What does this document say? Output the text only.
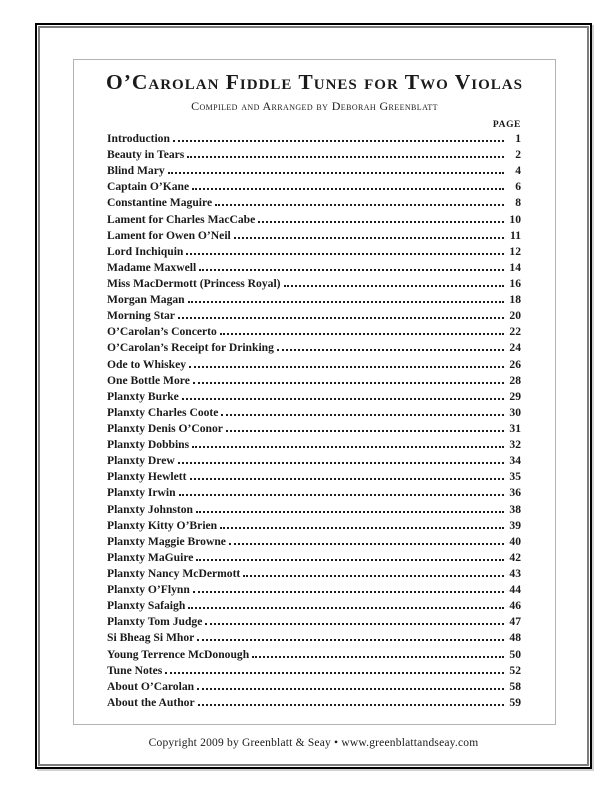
O’Carolan Fiddle Tunes for Two Violas
Compiled and Arranged by Deborah Greenblatt
PAGE
Introduction	1
Beauty in Tears	2
Blind Mary	4
Captain O’Kane	6
Constantine Maguire	8
Lament for Charles MacCabe	10
Lament for Owen O’Neil	11
Lord Inchiquin	12
Madame Maxwell	14
Miss MacDermott (Princess Royal)	16
Morgan Magan	18
Morning Star	20
O’Carolan’s Concerto	22
O’Carolan’s Receipt for Drinking	24
Ode to Whiskey	26
One Bottle More	28
Planxty Burke	29
Planxty Charles Coote	30
Planxty Denis O’Conor	31
Planxty Dobbins	32
Planxty Drew	34
Planxty Hewlett	35
Planxty Irwin	36
Planxty Johnston	38
Planxty Kitty O’Brien	39
Planxty Maggie Browne	40
Planxty MaGuire	42
Planxty Nancy McDermott	43
Planxty O’Flynn	44
Planxty Safaigh	46
Planxty Tom Judge	47
Si Bheag Si Mhor	48
Young Terrence McDonough	50
Tune Notes	52
About O’Carolan	58
About the Author	59
Copyright 2009 by Greenblatt & Seay • www.greenblattandseay.com
